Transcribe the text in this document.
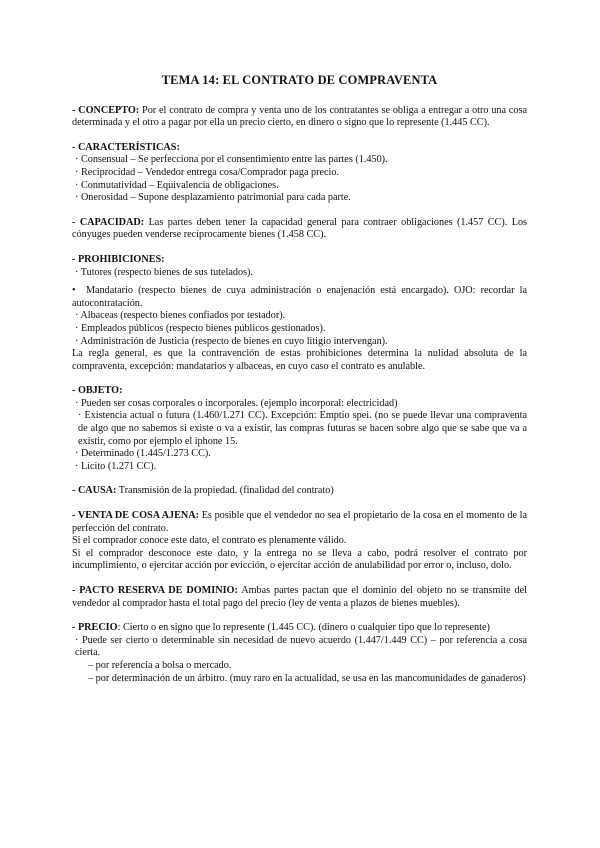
TEMA 14: EL CONTRATO DE COMPRAVENTA

- CONCEPTO: Por el contrato de compra y venta uno de los contratantes se obliga a entregar a otro una cosa determinada y el otro a pagar por ella un precio cierto, en dinero o signo que lo represente (1.445 CC).

- CARACTERÍSTICAS:

· Consensual – Se perfecciona por el consentimiento entre las partes (1.450).

· Reciprocidad – Vendedor entrega cosa/Comprador paga precio.

· Conmutatividad – Equivalencia de obligaciones.

· Onerosidad – Supone desplazamiento patrimonial para cada parte.

- CAPACIDAD: Las partes deben tener la capacidad general para contraer obligaciones (1.457 CC). Los cónyuges pueden venderse recíprocamente bienes (1.458 CC).

- PROHIBICIONES:

· Tutores (respecto bienes de sus tutelados).

• Mandatario (respecto bienes de cuya administración o enajenación está encargado). OJO: recordar la autocontratación.

· Albaceas (respecto bienes confiados por testador).

· Empleados públicos (respecto bienes públicos gestionados).

· Administración de Justicia (respecto de bienes en cuyo litigio intervengan).

La regla general, es que la contravención de estas prohibiciones determina la nulidad absoluta de la compraventa, excepción: mandatarios y albaceas, en cuyo caso el contrato es anulable.

- OBJETO:

· Pueden ser cosas corporales o incorporales. (ejemplo incorporal: electricidad)

· Existencia actual o futura (1.460/1.271 CC). Excepción: Emptio spei. (no se puede llevar una compraventa de algo que no sabemos si existe o va a existir, las compras futuras se hacen sobre algo que se sabe que va a existir, como por ejemplo el iphone 15.

· Determinado (1.445/1.273 CC).

· Lícito (1.271 CC).

- CAUSA: Transmisión de la propiedad. (finalidad del contrato)

- VENTA DE COSA AJENA: Es posible que el vendedor no sea el propietario de la cosa en el momento de la perfección del contrato.

Si el comprador conoce este dato, el contrato es plenamente válido.

Si el comprador desconoce este dato, y la entrega no se lleva a cabo, podrá resolver el contrato por incumplimiento, o ejercitar acción por evicción, o ejercitar acción de anulabilidad por error o, incluso, dolo.

- PACTO RESERVA DE DOMINIO: Ambas partes pactan que el dominio del objeto no se transmite del vendedor al comprador hasta el total pago del precio (ley de venta a plazos de bienes muebles).

- PRECIO: Cierto o en signo que lo represente (1.445 CC). (dinero o cualquier tipo que lo represente)

· Puede ser cierto o determinable sin necesidad de nuevo acuerdo (1.447/1.449 CC) – por referencia a cosa cierta.

– por referencia a bolsa o mercado.

– por determinación de un árbitro. (muy raro en la actualidad, se usa en las mancomunidades de ganaderos)
